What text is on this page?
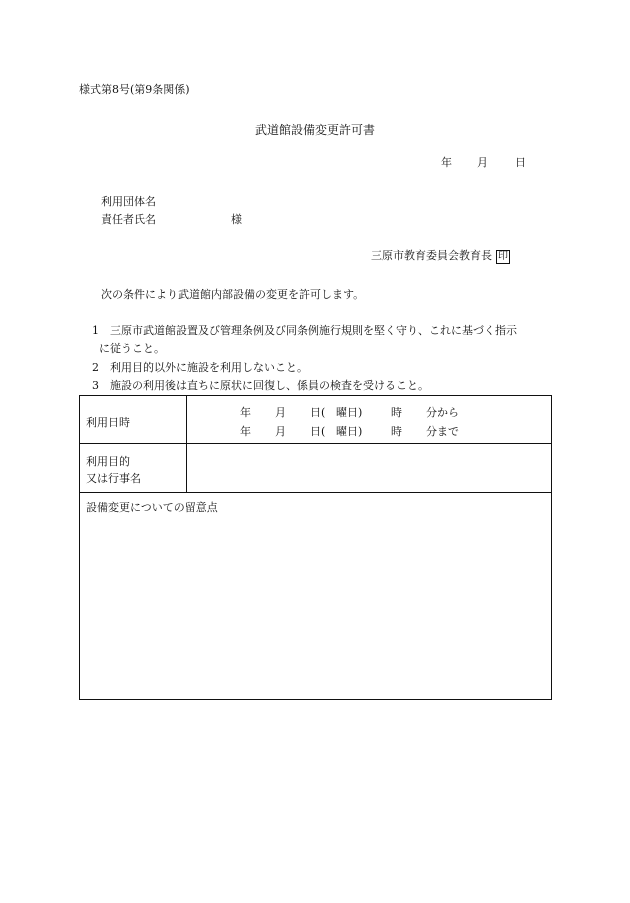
様式第8号(第9条関係)
武道館設備変更許可書
年 月 日
利用団体名
責任者氏名	様
三原市教育委員会教育長 印
次の条件により武道館内部設備の変更を許可します。
1　三原市武道館設置及び管理条例及び同条例施行規則を堅く守り、これに基づく指示
に従うこと。
2　利用目的以外に施設を利用しないこと。
3　施設の利用後は直ちに原状に回復し、係員の検査を受けること。
利用日時	年 月 日( 曜日) 時 分から
年 月 日( 曜日) 時 分まで

利用目的
又は行事名	

設備変更についての留意点	
